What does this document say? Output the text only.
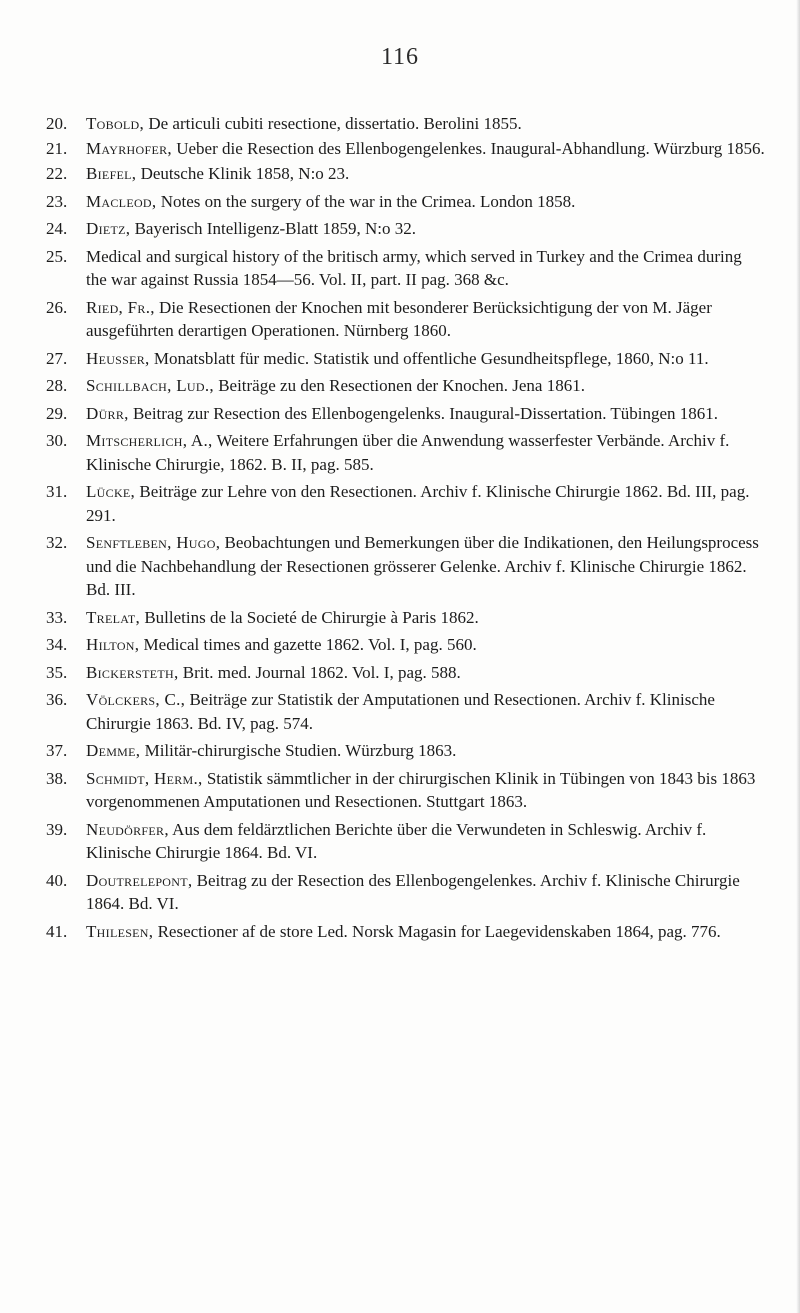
116
20. Tobold, De articuli cubiti resectione, dissertatio. Berolini 1855.
21. Mayrhofer, Ueber die Resection des Ellenbogengelenkes. Inaugural-Abhandlung. Würzburg 1856.
22. Biefel, Deutsche Klinik 1858, N:o 23.
23. Macleod, Notes on the surgery of the war in the Crimea. London 1858.
24. Dietz, Bayerisch Intelligenz-Blatt 1859, N:o 32.
25. Medical and surgical history of the britisch army, which served in Turkey and the Crimea during the war against Russia 1854—56. Vol. II, part. II pag. 368 &c.
26. Ried, Fr., Die Resectionen der Knochen mit besonderer Berücksichtigung der von M. Jäger ausgeführten derartigen Operationen. Nürnberg 1860.
27. Heusser, Monatsblatt für medic. Statistik und offentliche Gesundheitspflege, 1860, N:o 11.
28. Schillbach, Lud., Beiträge zu den Resectionen der Knochen. Jena 1861.
29. Dürr, Beitrag zur Resection des Ellenbogengelenks. Inaugural-Dissertation. Tübingen 1861.
30. Mitscherlich, A., Weitere Erfahrungen über die Anwendung wasserfester Verbände. Archiv f. Klinische Chirurgie, 1862. B. II, pag. 585.
31. Lücke, Beiträge zur Lehre von den Resectionen. Archiv f. Klinische Chirurgie 1862. Bd. III, pag. 291.
32. Senftleben, Hugo, Beobachtungen und Bemerkungen über die Indikationen, den Heilungsprocess und die Nachbehandlung der Resectionen grösserer Gelenke. Archiv f. Klinische Chirurgie 1862. Bd. III.
33. Trelat, Bulletins de la Societé de Chirurgie à Paris 1862.
34. Hilton, Medical times and gazette 1862. Vol. I, pag. 560.
35. Bickersteth, Brit. med. Journal 1862. Vol. I, pag. 588.
36. Völckers, C., Beiträge zur Statistik der Amputationen und Resectionen. Archiv f. Klinische Chirurgie 1863. Bd. IV, pag. 574.
37. Demme, Militär-chirurgische Studien. Würzburg 1863.
38. Schmidt, Herm., Statistik sämmtlicher in der chirurgischen Klinik in Tübingen von 1843 bis 1863 vorgenommenen Amputationen und Resectionen. Stuttgart 1863.
39. Neudörfer, Aus dem feldärztlichen Berichte über die Verwundeten in Schleswig. Archiv f. Klinische Chirurgie 1864. Bd. VI.
40. Doutrelepont, Beitrag zu der Resection des Ellenbogengelenkes. Archiv f. Klinische Chirurgie 1864. Bd. VI.
41. Thilesen, Resectioner af de store Led. Norsk Magasin for Laegevidenskaben 1864, pag. 776.
